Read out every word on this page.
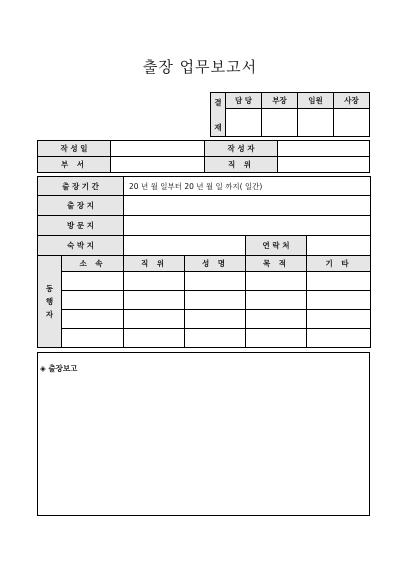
출장 업무보고서
결
재	담 당	부장	임원	사장

작 성 일		작 성 자	
부 서		직 위	
출 장 기 간		20 년 월 일부터 20 년 월 일 까지( 일간)			
출 장 지					
방 문 지					
숙 박 지				연 락 처	

동
행
자	소 속	직 위	성 명	목 적	기 타

◈ 출장보고
